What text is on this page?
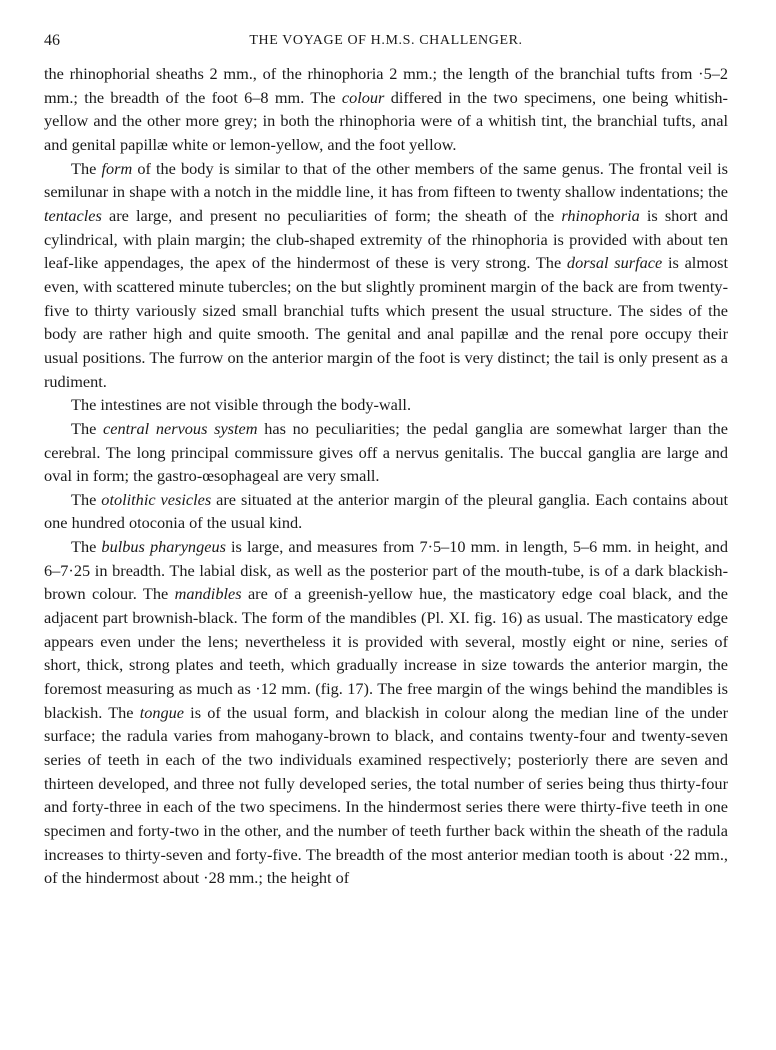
46	THE VOYAGE OF H.M.S. CHALLENGER.

the rhinophorial sheaths 2 mm., of the rhinophoria 2 mm.; the length of the branchial tufts from ·5–2 mm.; the breadth of the foot 6–8 mm. The colour differed in the two specimens, one being whitish-yellow and the other more grey; in both the rhinophoria were of a whitish tint, the branchial tufts, anal and genital papillæ white or lemon-yellow, and the foot yellow.

The form of the body is similar to that of the other members of the same genus. The frontal veil is semilunar in shape with a notch in the middle line, it has from fifteen to twenty shallow indentations; the tentacles are large, and present no peculiarities of form; the sheath of the rhinophoria is short and cylindrical, with plain margin; the club-shaped extremity of the rhinophoria is provided with about ten leaf-like appendages, the apex of the hindermost of these is very strong. The dorsal surface is almost even, with scattered minute tubercles; on the but slightly prominent margin of the back are from twenty-five to thirty variously sized small branchial tufts which present the usual structure. The sides of the body are rather high and quite smooth. The genital and anal papillæ and the renal pore occupy their usual positions. The furrow on the anterior margin of the foot is very distinct; the tail is only present as a rudiment.

The intestines are not visible through the body-wall.

The central nervous system has no peculiarities; the pedal ganglia are somewhat larger than the cerebral. The long principal commissure gives off a nervus genitalis. The buccal ganglia are large and oval in form; the gastro-œsophageal are very small.

The otolithic vesicles are situated at the anterior margin of the pleural ganglia. Each contains about one hundred otoconia of the usual kind.

The bulbus pharyngeus is large, and measures from 7·5–10 mm. in length, 5–6 mm. in height, and 6–7·25 in breadth. The labial disk, as well as the posterior part of the mouth-tube, is of a dark blackish-brown colour. The mandibles are of a greenish-yellow hue, the masticatory edge coal black, and the adjacent part brownish-black. The form of the mandibles (Pl. XI. fig. 16) as usual. The masticatory edge appears even under the lens; nevertheless it is provided with several, mostly eight or nine, series of short, thick, strong plates and teeth, which gradually increase in size towards the anterior margin, the foremost measuring as much as ·12 mm. (fig. 17). The free margin of the wings behind the mandibles is blackish. The tongue is of the usual form, and blackish in colour along the median line of the under surface; the radula varies from mahogany-brown to black, and contains twenty-four and twenty-seven series of teeth in each of the two individuals examined respectively; posteriorly there are seven and thirteen developed, and three not fully developed series, the total number of series being thus thirty-four and forty-three in each of the two specimens. In the hindermost series there were thirty-five teeth in one specimen and forty-two in the other, and the number of teeth further back within the sheath of the radula increases to thirty-seven and forty-five. The breadth of the most anterior median tooth is about ·22 mm., of the hindermost about ·28 mm.; the height of
